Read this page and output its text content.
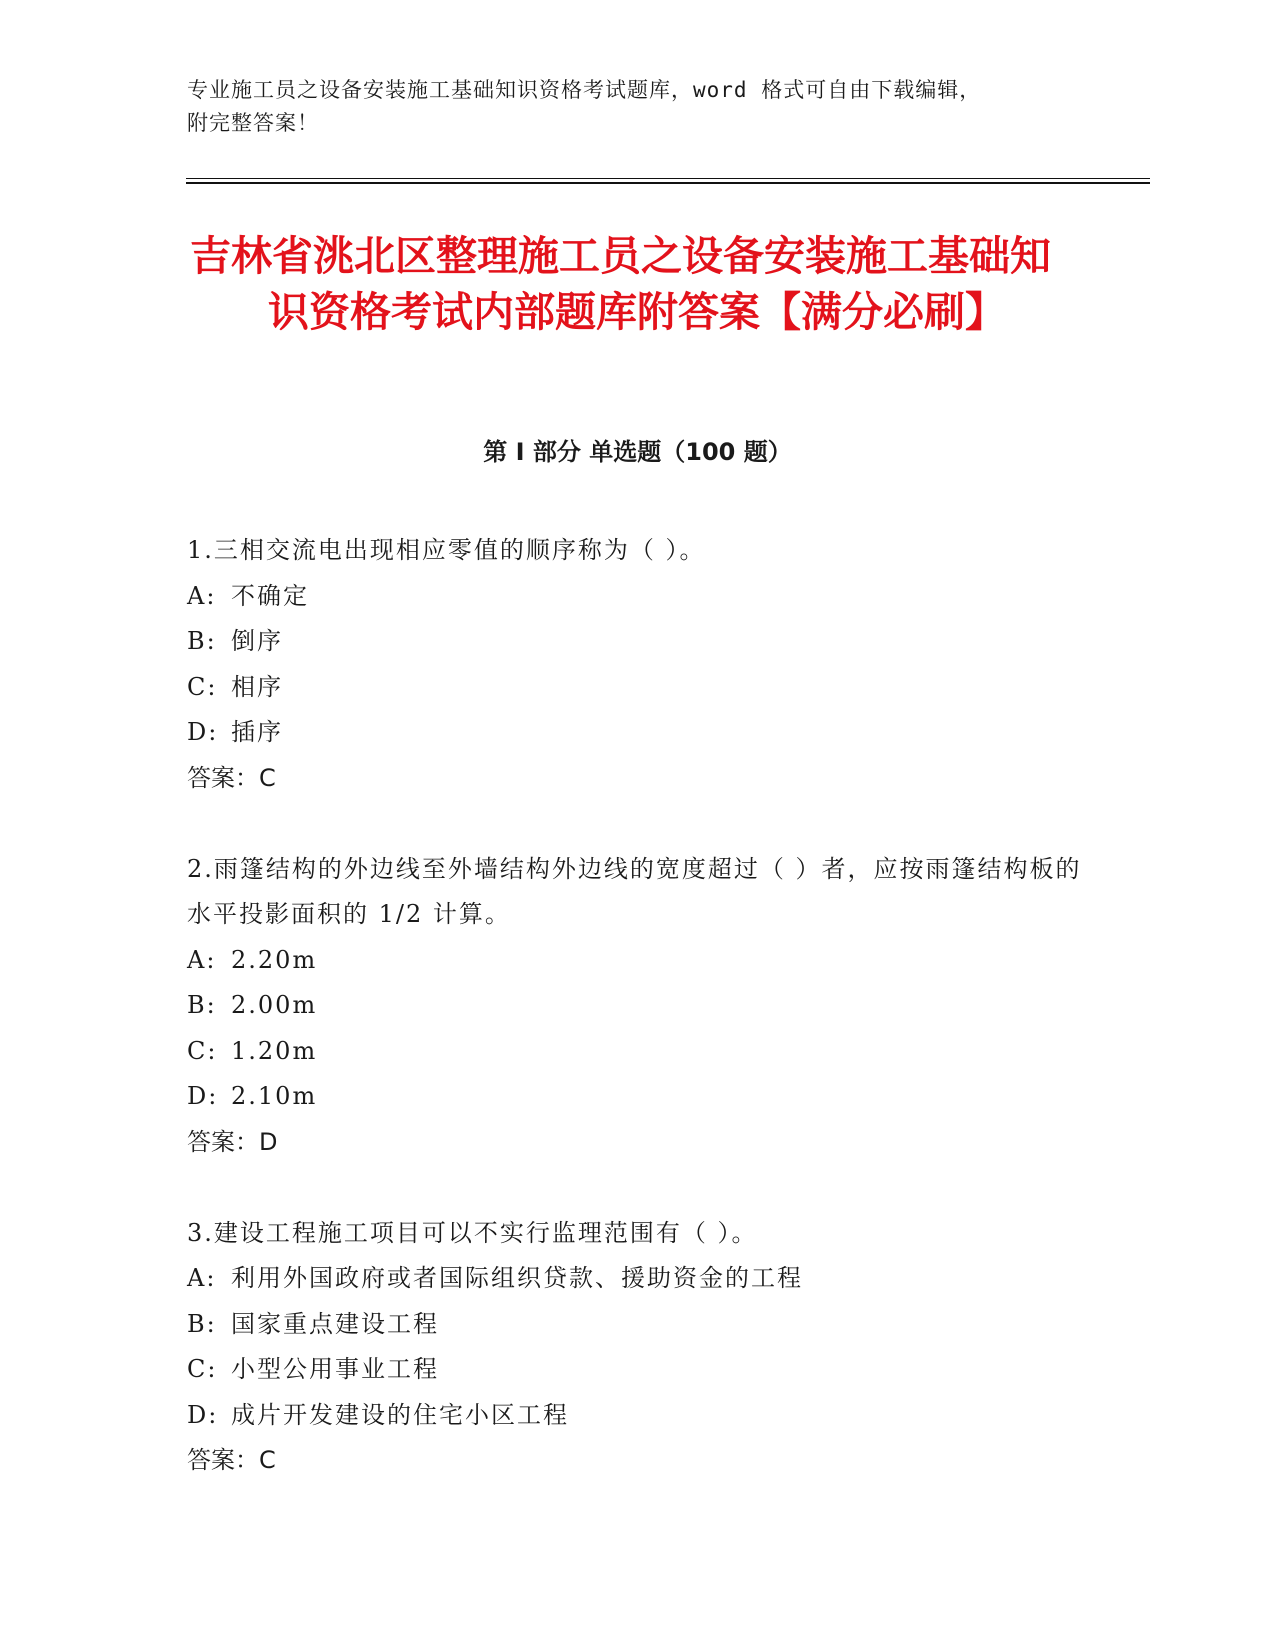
专业施工员之设备安装施工基础知识资格考试题库，word 格式可自由下载编辑，
附完整答案！
吉林省洮北区整理施工员之设备安装施工基础知识资格考试内部题库附答案【满分必刷】
第 I 部分 单选题（100 题）

1.三相交流电出现相应零值的顺序称为（ ）。

A: 不确定

B: 倒序

C: 相序

D: 插序

答案：C

2.雨篷结构的外边线至外墙结构外边线的宽度超过（ ）者，应按雨篷结构板的水平投影面积的 1/2 计算。

A: 2.20m

B: 2.00m

C: 1.20m

D: 2.10m

答案：D

3.建设工程施工项目可以不实行监理范围有（ ）。

A: 利用外国政府或者国际组织贷款、援助资金的工程

B: 国家重点建设工程

C: 小型公用事业工程

D: 成片开发建设的住宅小区工程

答案：C
